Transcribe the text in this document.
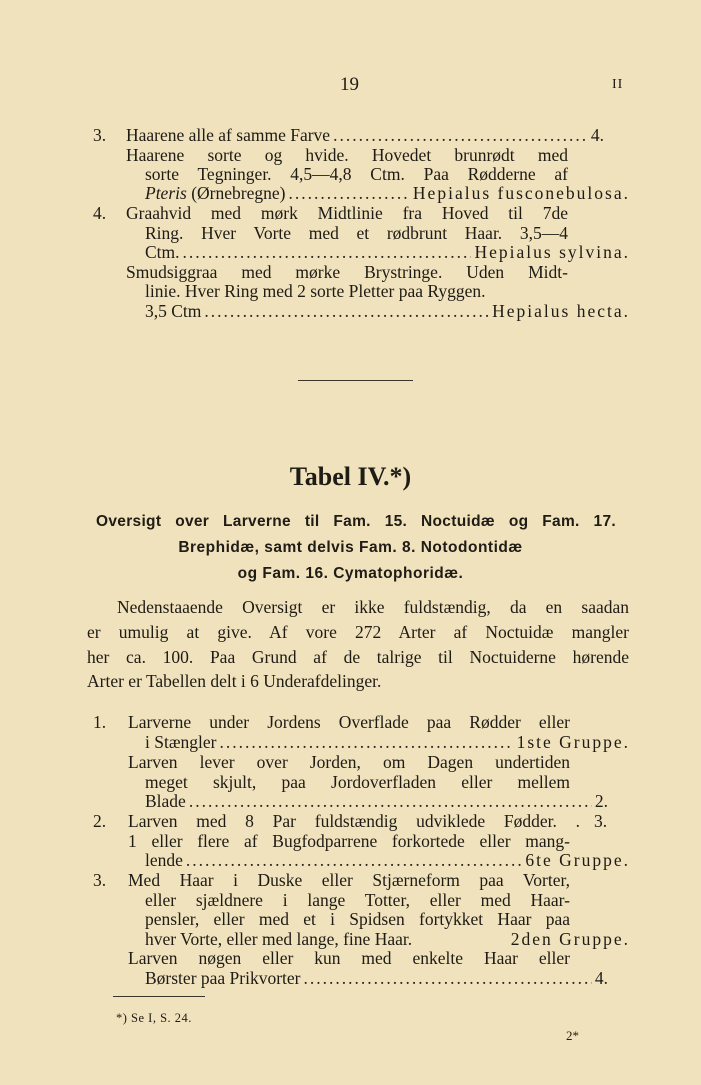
19	II
3. Haarene alle af samme Farve .....	4.
Haarene sorte og hvide. Hovedet brunrødt med
sorte Tegninger. 4,5—4,8 Ctm. Paa Rødderne af
Pteris (Ørnebregne) .....	Hepialus fusconebulosa.
4. Graahvid med mørk Midtlinie fra Hoved til 7de
Ring. Hver Vorte med et rødbrunt Haar. 3,5—4
Ctm. .....	Hepialus sylvina.
Smudsiggraa med mørke Brystringe. Uden Midt-
linie. Hver Ring med 2 sorte Pletter paa Ryggen.
3,5 Ctm .....	Hepialus hecta.
Tabel IV.*)
Oversigt over Larverne til Fam. 15. Noctuidæ og Fam. 17.
Brephidæ, samt delvis Fam. 8. Notodontidæ
og Fam. 16. Cymatophoridæ.
Nedenstaaende Oversigt er ikke fuldstændig, da en saadan
er umulig at give. Af vore 272 Arter af Noctuidæ mangler
her ca. 100. Paa Grund af de talrige til Noctuiderne hørende
Arter er Tabellen delt i 6 Underafdelinger.
1. Larverne under Jordens Overflade paa Rødder eller
i Stængler .....	1ste Gruppe.
Larven lever over Jorden, om Dagen undertiden
meget skjult, paa Jordoverfladen eller mellem
Blade .....	2.
2. Larven med 8 Par fuldstændig udviklede Fødder. . 3.
1 eller flere af Bugfodparrene forkortede eller mang-
lende .....	6te Gruppe.
3. Med Haar i Duske eller Stjærneform paa Vorter,
eller sjældnere i lange Totter, eller med Haar-
pensler, eller med et i Spidsen fortykket Haar paa
hver Vorte, eller med lange, fine Haar.	2den Gruppe.
Larven nøgen eller kun med enkelte Haar eller
Børster paa Prikvorter .....	4.
*) Se I, S. 24.
2*
